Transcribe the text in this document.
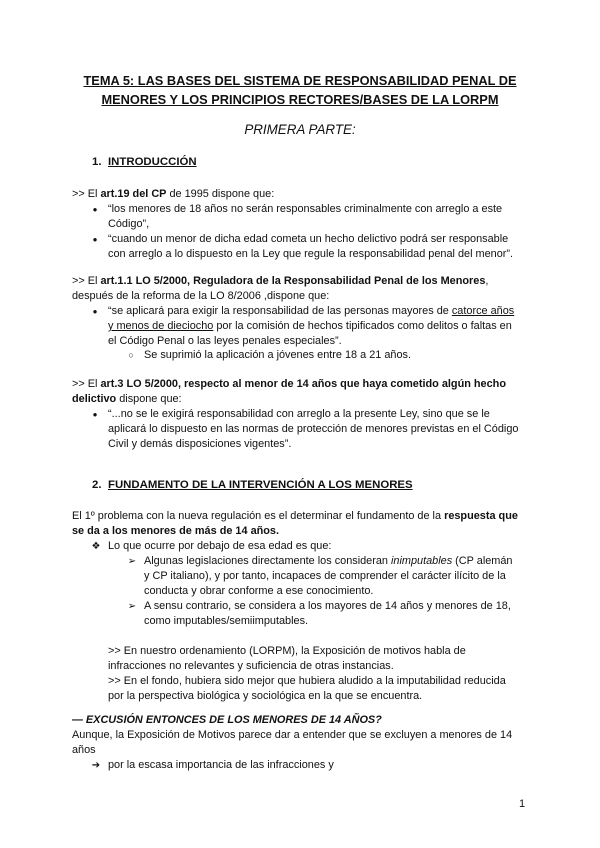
TEMA 5: LAS BASES DEL SISTEMA DE RESPONSABILIDAD PENAL DE
MENORES Y LOS PRINCIPIOS RECTORES/BASES DE LA LORPM
PRIMERA PARTE:
1. INTRODUCCIÓN
>> El art.19 del CP de 1995 dispone que:
● “los menores de 18 años no serán responsables criminalmente con arreglo a este
Código”,
● “cuando un menor de dicha edad cometa un hecho delictivo podrá ser responsable
con arreglo a lo dispuesto en la Ley que regule la responsabilidad penal del menor”.
>> El art.1.1 LO 5/2000, Reguladora de la Responsabilidad Penal de los Menores,
después de la reforma de la LO 8/2006 ,dispone que:
● “se aplicará para exigir la responsabilidad de las personas mayores de catorce años
y menos de dieciocho por la comisión de hechos tipificados como delitos o faltas en
el Código Penal o las leyes penales especiales”.
○ Se suprimió la aplicación a jóvenes entre 18 a 21 años.
>> El art.3 LO 5/2000, respecto al menor de 14 años que haya cometido algún hecho
delictivo dispone que:
● “...no se le exigirá responsabilidad con arreglo a la presente Ley, sino que se le
aplicará lo dispuesto en las normas de protección de menores previstas en el Código
Civil y demás disposiciones vigentes”.
2. FUNDAMENTO DE LA INTERVENCIÓN A LOS MENORES
El 1º problema con la nueva regulación es el determinar el fundamento de la respuesta que
se da a los menores de más de 14 años.
❖ Lo que ocurre por debajo de esa edad es que:
➢ Algunas legislaciones directamente los consideran inimputables (CP alemán
y CP italiano), y por tanto, incapaces de comprender el carácter ilícito de la
conducta y obrar conforme a ese conocimiento.
➢ A sensu contrario, se considera a los mayores de 14 años y menores de 18,
como imputables/semiimputables.
>> En nuestro ordenamiento (LORPM), la Exposición de motivos habla de
infracciones no relevantes y suficiencia de otras instancias.
>> En el fondo, hubiera sido mejor que hubiera aludido a la imputabilidad reducida
por la perspectiva biológica y sociológica en la que se encuentra.
— EXCUSIÓN ENTONCES DE LOS MENORES DE 14 AÑOS?
Aunque, la Exposición de Motivos parece dar a entender que se excluyen a menores de 14
años
➔ por la escasa importancia de las infracciones y
1
